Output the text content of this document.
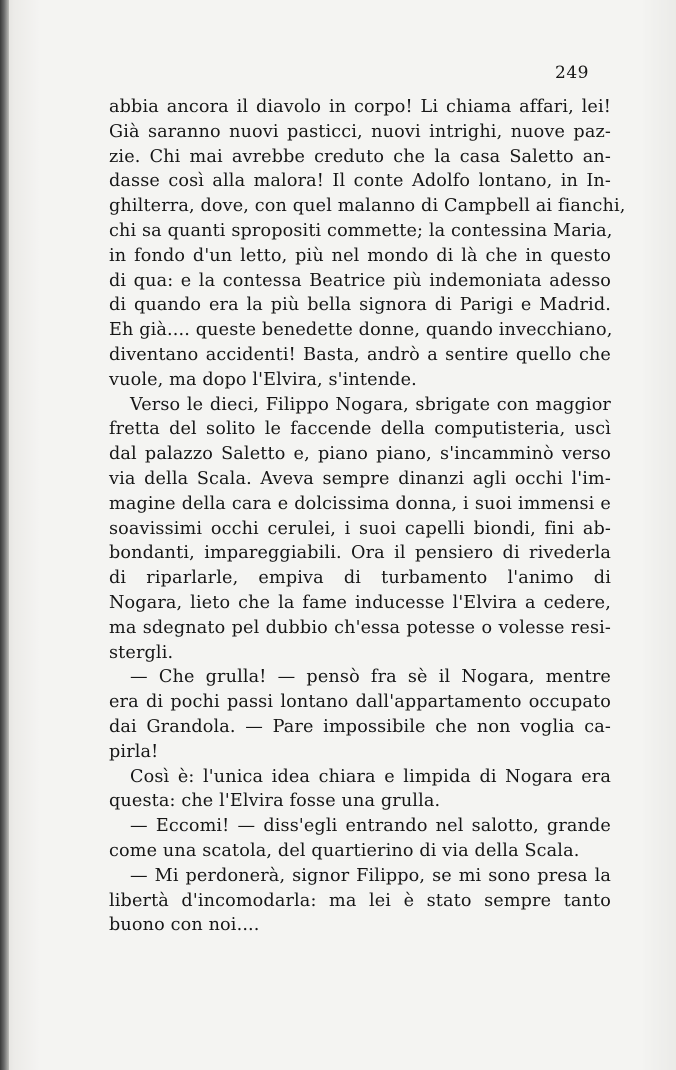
249
abbia ancora il diavolo in corpo! Li chiama affari, lei!
Già saranno nuovi pasticci, nuovi intrighi, nuove paz-
zie. Chi mai avrebbe creduto che la casa Saletto an-
dasse così alla malora! Il conte Adolfo lontano, in In-
ghilterra, dove, con quel malanno di Campbell ai fianchi,
chi sa quanti spropositi commette; la contessina Maria,
in fondo d'un letto, più nel mondo di là che in questo
di qua: e la contessa Beatrice più indemoniata adesso
di quando era la più bella signora di Parigi e Madrid.
Eh già.... queste benedette donne, quando invecchiano,
diventano accidenti! Basta, andrò a sentire quello che
vuole, ma dopo l'Elvira, s'intende.
Verso le dieci, Filippo Nogara, sbrigate con maggior
fretta del solito le faccende della computisteria, uscì
dal palazzo Saletto e, piano piano, s'incamminò verso
via della Scala. Aveva sempre dinanzi agli occhi l'im-
magine della cara e dolcissima donna, i suoi immensi e
soavissimi occhi cerulei, i suoi capelli biondi, fini ab-
bondanti, impareggiabili. Ora il pensiero di rivederla
di riparlarle, empiva di turbamento l'animo di
Nogara, lieto che la fame inducesse l'Elvira a cedere,
ma sdegnato pel dubbio ch'essa potesse o volesse resi-
stergli.
— Che grulla! — pensò fra sè il Nogara, mentre
era di pochi passi lontano dall'appartamento occupato
dai Grandola. — Pare impossibile che non voglia ca-
pirla!
Così è: l'unica idea chiara e limpida di Nogara era
questa: che l'Elvira fosse una grulla.
— Eccomi! — diss'egli entrando nel salotto, grande
come una scatola, del quartierino di via della Scala.
— Mi perdonerà, signor Filippo, se mi sono presa la
libertà d'incomodarla: ma lei è stato sempre tanto
buono con noi....
